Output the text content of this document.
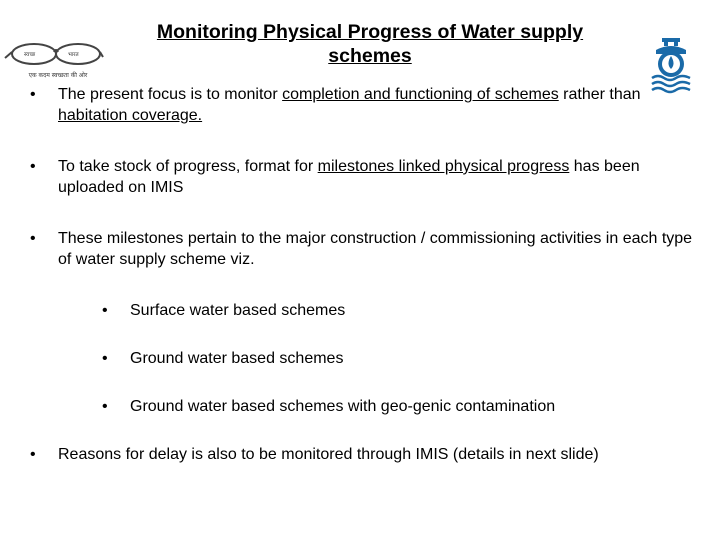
स्वच्छ	भारत
एक कदम स्वच्छता की ओर
Monitoring Physical Progress of Water supply schemes
• The present focus is to monitor completion and functioning of schemes rather than habitation coverage.
• To take stock of progress, format for milestones linked physical progress has been uploaded on IMIS
• These milestones pertain to the major construction / commissioning activities in each type of water supply scheme viz.
• Surface water based schemes
• Ground water based schemes
• Ground water based schemes with geo-genic contamination
• Reasons for delay is also to be monitored through IMIS (details in next slide)
